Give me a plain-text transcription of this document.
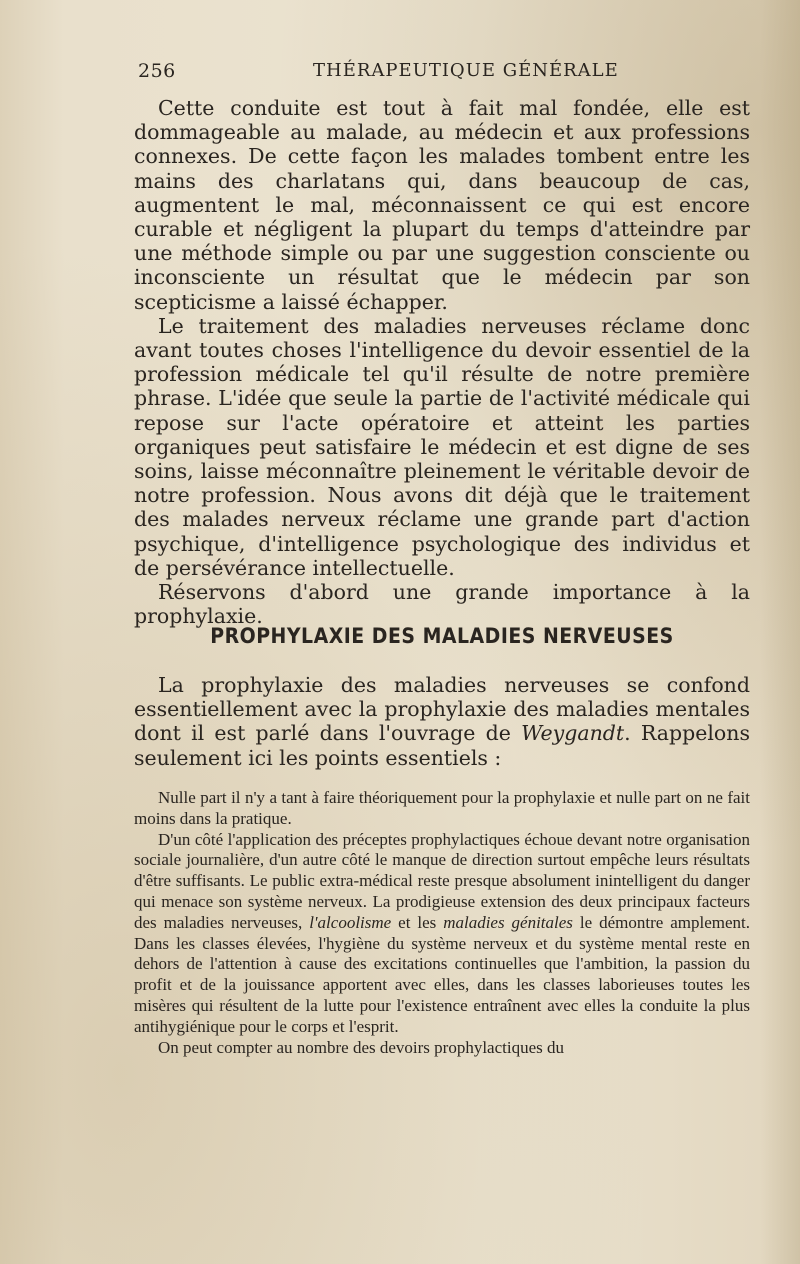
256	THÉRAPEUTIQUE GÉNÉRALE

Cette conduite est tout à fait mal fondée, elle est dommageable au malade, au médecin et aux professions connexes. De cette façon les malades tombent entre les mains des charlatans qui, dans beaucoup de cas, augmentent le mal, méconnaissent ce qui est encore curable et négligent la plupart du temps d'atteindre par une méthode simple ou par une suggestion consciente ou inconsciente un résultat que le médecin par son scepticisme a laissé échapper.

Le traitement des maladies nerveuses réclame donc avant toutes choses l'intelligence du devoir essentiel de la profession médicale tel qu'il résulte de notre première phrase. L'idée que seule la partie de l'activité médicale qui repose sur l'acte opératoire et atteint les parties organiques peut satisfaire le médecin et est digne de ses soins, laisse méconnaître pleinement le véritable devoir de notre profession. Nous avons dit déjà que le traitement des malades nerveux réclame une grande part d'action psychique, d'intelligence psychologique des individus et de persévérance intellectuelle.

Réservons d'abord une grande importance à la prophylaxie.

PROPHYLAXIE DES MALADIES NERVEUSES

La prophylaxie des maladies nerveuses se confond essentiellement avec la prophylaxie des maladies mentales dont il est parlé dans l'ouvrage de Weygandt. Rappelons seulement ici les points essentiels :

Nulle part il n'y a tant à faire théoriquement pour la prophylaxie et nulle part on ne fait moins dans la pratique.

D'un côté l'application des préceptes prophylactiques échoue devant notre organisation sociale journalière, d'un autre côté le manque de direction surtout empêche leurs résultats d'être suffisants. Le public extra-médical reste presque absolument inintelligent du danger qui menace son système nerveux. La prodigieuse extension des deux principaux facteurs des maladies nerveuses, l'alcoolisme et les maladies génitales le démontre amplement. Dans les classes élevées, l'hygiène du système nerveux et du système mental reste en dehors de l'attention à cause des excitations continuelles que l'ambition, la passion du profit et de la jouissance apportent avec elles, dans les classes laborieuses toutes les misères qui résultent de la lutte pour l'existence entraînent avec elles la conduite la plus antihygiénique pour le corps et l'esprit.

On peut compter au nombre des devoirs prophylactiques du
